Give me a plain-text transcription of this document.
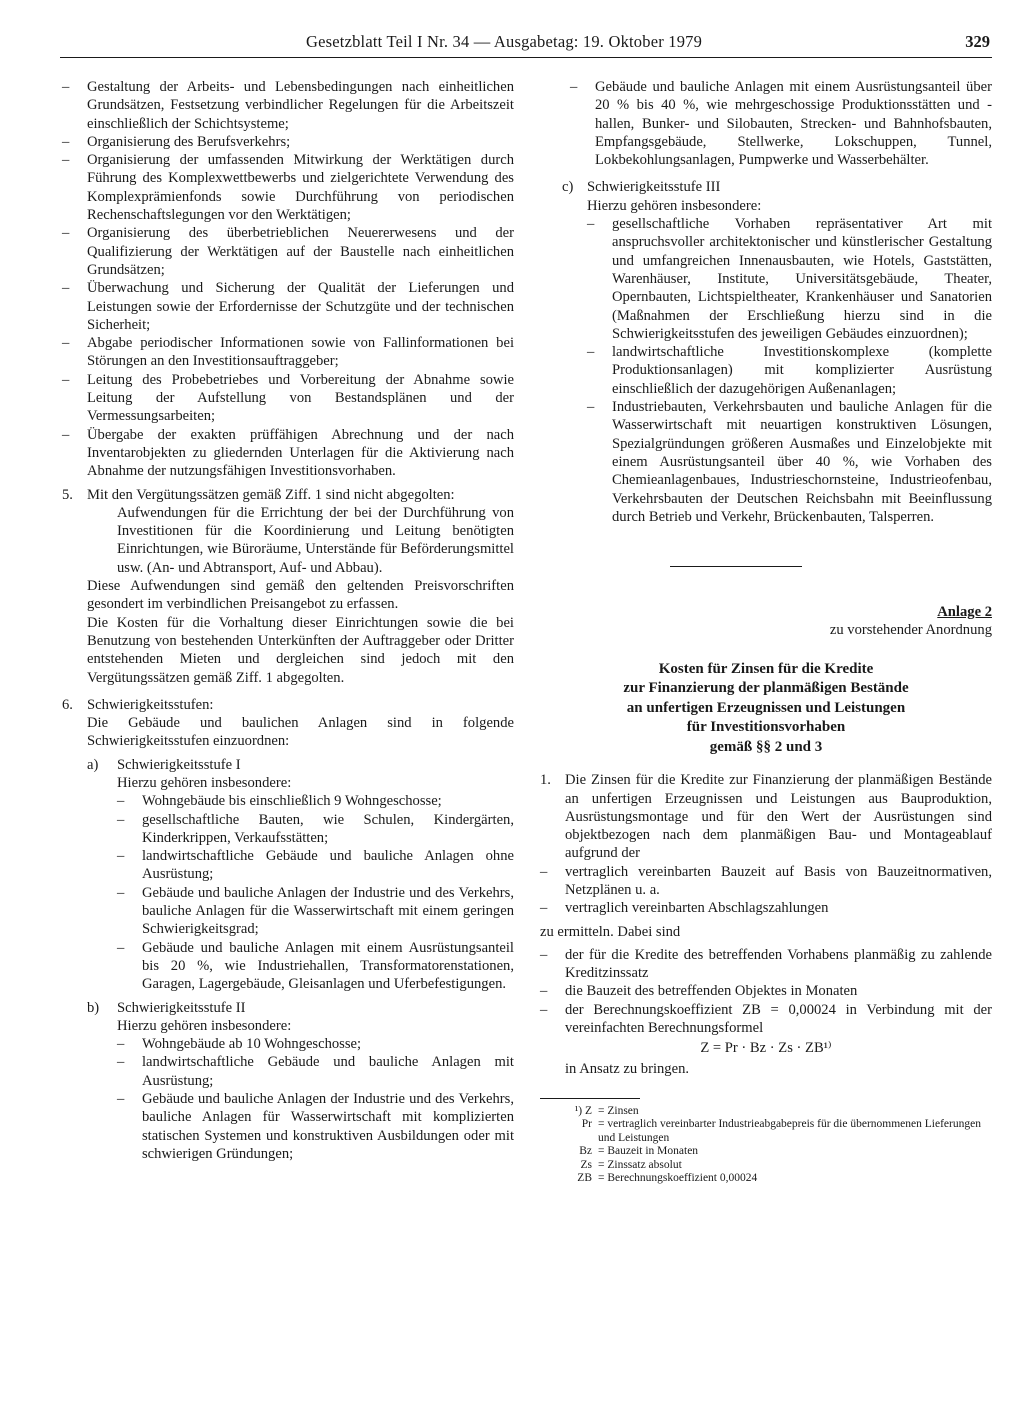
Gesetzblatt Teil I Nr. 34 — Ausgabetag: 19. Oktober 1979	329

– Gestaltung der Arbeits- und Lebensbedingungen nach einheitlichen Grundsätzen, Festsetzung verbindlicher Regelungen für die Arbeitszeit einschließlich der Schichtsysteme;

– Organisierung des Berufsverkehrs;

– Organisierung der umfassenden Mitwirkung der Werktätigen durch Führung des Komplexwettbewerbs und zielgerichtete Verwendung des Komplexprämienfonds sowie Durchführung von periodischen Rechenschaftslegungen vor den Werktätigen;

– Organisierung des überbetrieblichen Neuererwesens und der Qualifizierung der Werktätigen auf der Baustelle nach einheitlichen Grundsätzen;

– Überwachung und Sicherung der Qualität der Lieferungen und Leistungen sowie der Erfordernisse der Schutzgüte und der technischen Sicherheit;

– Abgabe periodischer Informationen sowie von Fallinformationen bei Störungen an den Investitionsauftraggeber;

– Leitung des Probebetriebes und Vorbereitung der Abnahme sowie Leitung der Aufstellung von Bestandsplänen und der Vermessungsarbeiten;

– Übergabe der exakten prüffähigen Abrechnung und der nach Inventarobjekten zu gliedernden Unterlagen für die Aktivierung nach Abnahme der nutzungsfähigen Investitionsvorhaben.

5. Mit den Vergütungssätzen gemäß Ziff. 1 sind nicht abgegolten:

Aufwendungen für die Errichtung der bei der Durchführung von Investitionen für die Koordinierung und Leitung benötigten Einrichtungen, wie Büroräume, Unterstände für Beförderungsmittel usw. (An- und Abtransport, Auf- und Abbau).

Diese Aufwendungen sind gemäß den geltenden Preisvorschriften gesondert im verbindlichen Preisangebot zu erfassen.

Die Kosten für die Vorhaltung dieser Einrichtungen sowie die bei Benutzung von bestehenden Unterkünften der Auftraggeber oder Dritter entstehenden Mieten und dergleichen sind jedoch mit den Vergütungssätzen gemäß Ziff. 1 abgegolten.

6. Schwierigkeitsstufen:

Die Gebäude und baulichen Anlagen sind in folgende Schwierigkeitsstufen einzuordnen:

a) Schwierigkeitsstufe I

Hierzu gehören insbesondere:

– Wohngebäude bis einschließlich 9 Wohngeschosse;

– gesellschaftliche Bauten, wie Schulen, Kindergärten, Kinderkrippen, Verkaufsstätten;

– landwirtschaftliche Gebäude und bauliche Anlagen ohne Ausrüstung;

– Gebäude und bauliche Anlagen der Industrie und des Verkehrs, bauliche Anlagen für die Wasserwirtschaft mit einem geringen Schwierigkeitsgrad;

– Gebäude und bauliche Anlagen mit einem Ausrüstungsanteil bis 20 %, wie Industriehallen, Transformatorenstationen, Garagen, Lagergebäude, Gleisanlagen und Uferbefestigungen.

b) Schwierigkeitsstufe II

Hierzu gehören insbesondere:

– Wohngebäude ab 10 Wohngeschosse;

– landwirtschaftliche Gebäude und bauliche Anlagen mit Ausrüstung;

– Gebäude und bauliche Anlagen der Industrie und des Verkehrs, bauliche Anlagen für Wasserwirtschaft mit komplizierten statischen Systemen und konstruktiven Ausbildungen oder mit schwierigen Gründungen;

– Gebäude und bauliche Anlagen mit einem Ausrüstungsanteil über 20 % bis 40 %, wie mehrgeschossige Produktionsstätten und -hallen, Bunker- und Silobauten, Strecken- und Bahnhofsbauten, Empfangsgebäude, Stellwerke, Lokschuppen, Tunnel, Lokbekohlungsanlagen, Pumpwerke und Wasserbehälter.

c) Schwierigkeitsstufe III

Hierzu gehören insbesondere:

– gesellschaftliche Vorhaben repräsentativer Art mit anspruchsvoller architektonischer und künstlerischer Gestaltung und umfangreichen Innenausbauten, wie Hotels, Gaststätten, Warenhäuser, Institute, Universitätsgebäude, Theater, Opernbauten, Lichtspieltheater, Krankenhäuser und Sanatorien (Maßnahmen der Erschließung hierzu sind in die Schwierigkeitsstufen des jeweiligen Gebäudes einzuordnen);

– landwirtschaftliche Investitionskomplexe (komplette Produktionsanlagen) mit komplizierter Ausrüstung einschließlich der dazugehörigen Außenanlagen;

– Industriebauten, Verkehrsbauten und bauliche Anlagen für die Wasserwirtschaft mit neuartigen konstruktiven Lösungen, Spezialgründungen größeren Ausmaßes und Einzelobjekte mit einem Ausrüstungsanteil über 40 %, wie Vorhaben des Chemieanlagenbaues, Industrieschornsteine, Industrieofenbau, Verkehrsbauten der Deutschen Reichsbahn mit Beeinflussung durch Betrieb und Verkehr, Brückenbauten, Talsperren.

Anlage 2
zu vorstehender Anordnung
Kosten für Zinsen für die Kredite
zur Finanzierung der planmäßigen Bestände
an unfertigen Erzeugnissen und Leistungen
für Investitionsvorhaben
gemäß §§ 2 und 3

1. Die Zinsen für die Kredite zur Finanzierung der planmäßigen Bestände an unfertigen Erzeugnissen und Leistungen aus Bauproduktion, Ausrüstungsmontage und für den Wert der Ausrüstungen sind objektbezogen nach dem planmäßigen Bau- und Montageablauf aufgrund der

– vertraglich vereinbarten Bauzeit auf Basis von Bauzeitnormativen, Netzplänen u. a.

– vertraglich vereinbarten Abschlagszahlungen

zu ermitteln. Dabei sind

– der für die Kredite des betreffenden Vorhabens planmäßig zu zahlende Kreditzinssatz

– die Bauzeit des betreffenden Objektes in Monaten

– der Berechnungskoeffizient ZB = 0,00024 in Verbindung mit der vereinfachten Berechnungsformel

Z = Pr · Bz · Zs · ZB¹⁾

in Ansatz zu bringen.

¹) Z = Zinsen

Pr = vertraglich vereinbarter Industrieabgabepreis für die übernommenen Lieferungen und Leistungen

Bz = Bauzeit in Monaten

Zs = Zinssatz absolut

ZB = Berechnungskoeffizient 0,00024
